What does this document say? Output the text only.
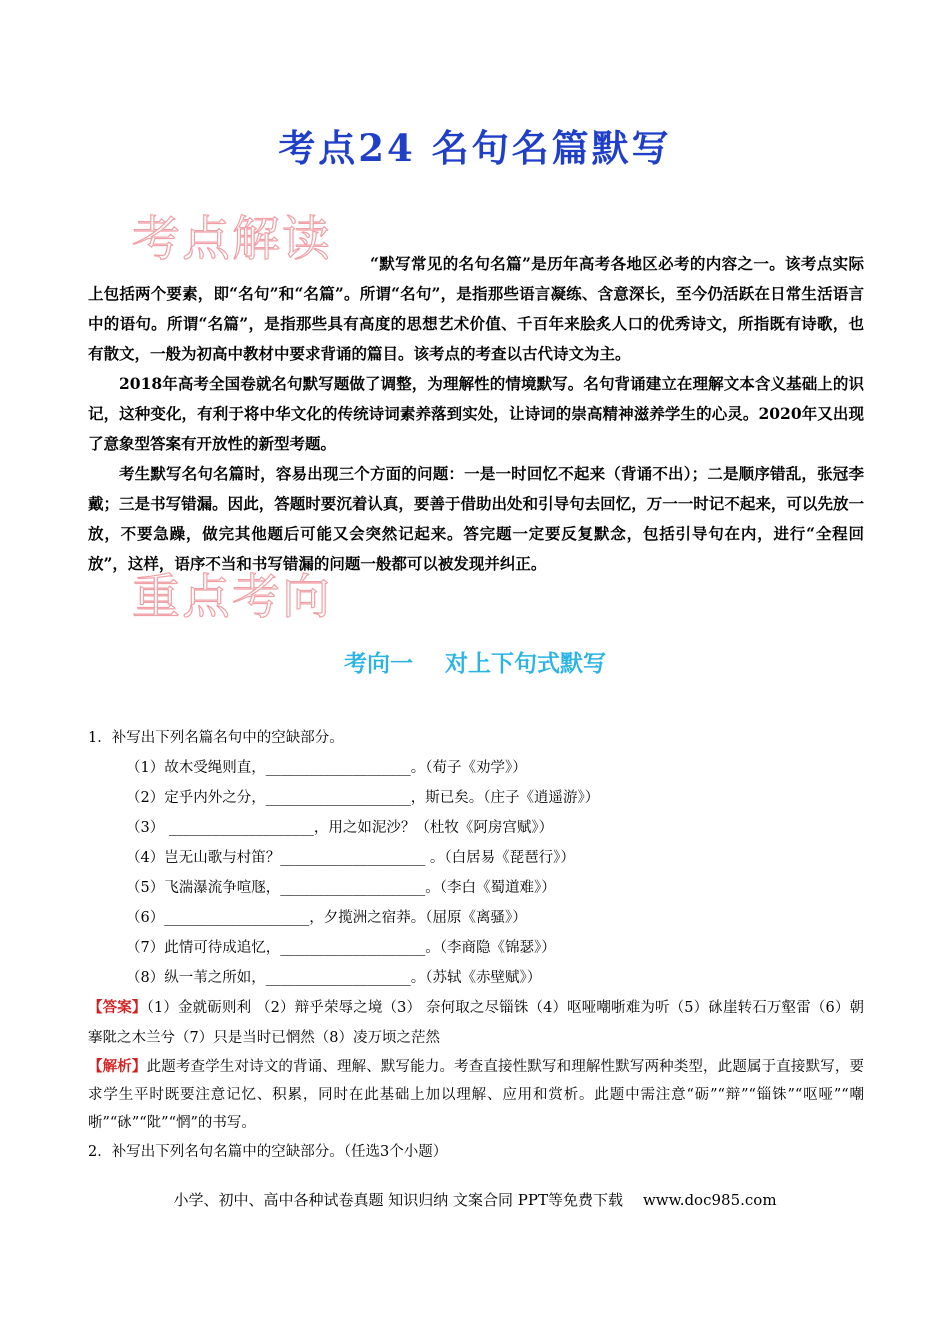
考点24 名句名篇默写
考点解读	“默写常见的名句名篇”是历年高考各地区必考的内容之一。该考点实际上包括两个要素，即“名句”和“名篇”。所谓“名句”，是指那些语言凝练、含意深长，至今仍活跃在日常生活语言中的语句。所谓“名篇”，是指那些具有高度的思想艺术价值、千百年来脍炙人口的优秀诗文，所指既有诗歌，也有散文，一般为初高中教材中要求背诵的篇目。该考点的考查以古代诗文为主。

2018年高考全国卷就名句默写题做了调整，为理解性的情境默写。名句背诵建立在理解文本含义基础上的识记，这种变化，有利于将中华文化的传统诗词素养落到实处，让诗词的崇高精神滋养学生的心灵。2020年又出现了意象型答案有开放性的新型考题。

考生默写名句名篇时，容易出现三个方面的问题：一是一时回忆不起来（背诵不出）；二是顺序错乱，张冠李戴；三是书写错漏。因此，答题时要沉着认真，要善于借助出处和引导句去回忆，万一一时记不起来，可以先放一放，不要急躁，做完其他题后可能又会突然记起来。答完题一定要反复默念，包括引导句在内，进行“全程回放”，这样，语序不当和书写错漏的问题一般都可以被发现并纠正。

重点考向
考向一 对上下句式默写

1．补写出下列名篇名句中的空缺部分。

（1）故木受绳则直，____________________。（荀子《劝学》）

（2）定乎内外之分，____________________，斯已矣。（庄子《逍遥游》）

（3） ____________________，用之如泥沙？（杜牧《阿房宫赋》）

（4）岂无山歌与村笛？____________________ 。（白居易《琵琶行》）

（5）飞湍瀑流争喧豗，____________________。（李白《蜀道难》）

（6）____________________，夕揽洲之宿莽。（屈原《离骚》）

（7）此情可待成追忆，____________________。（李商隐《锦瑟》）

（8）纵一苇之所如，____________________。（苏轼《赤壁赋》）

【答案】（1）金就砺则利 （2）辩乎荣辱之境（3） 奈何取之尽锱铢（4）呕哑嘲哳难为听（5）砯崖转石万壑雷（6）朝搴阰之木兰兮（7）只是当时已惘然（8）凌万顷之茫然

【解析】此题考查学生对诗文的背诵、理解、默写能力。考查直接性默写和理解性默写两种类型，此题属于直接默写，要求学生平时既要注意记忆、积累，同时在此基础上加以理解、应用和赏析。此题中需注意“砺”“辩”“锱铢”“呕哑”“嘲哳”“砯”“阰”“惘”的书写。

2．补写出下列名句名篇中的空缺部分。（任选3个小题）

小学、初中、高中各种试卷真题 知识归纳 文案合同 PPT等免费下载 www.doc985.com
